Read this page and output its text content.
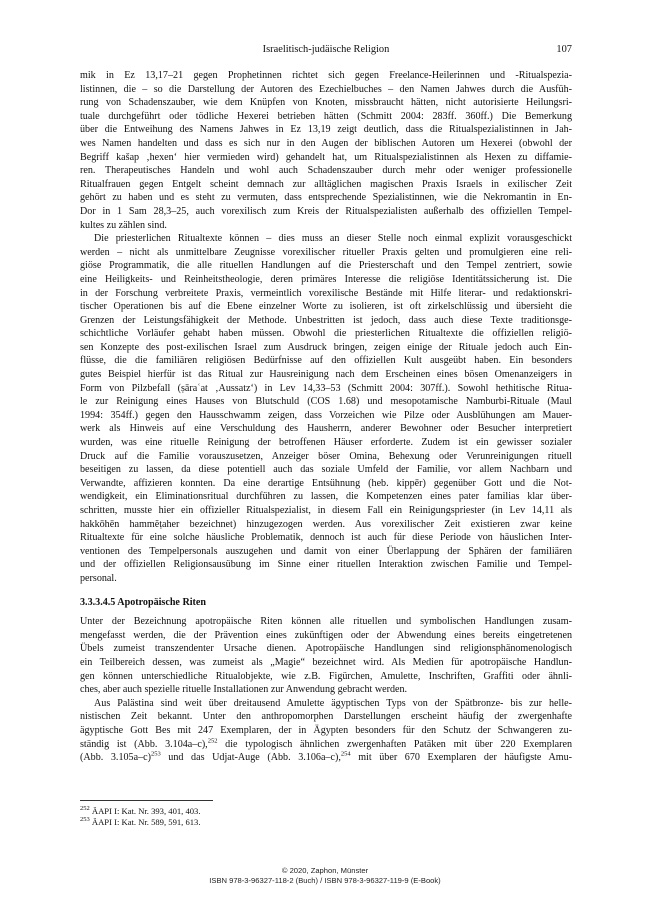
Israelitisch-judäische Religion	107
mik in Ez 13,17–21 gegen Prophetinnen richtet sich gegen Freelance-Heilerinnen und -Ritualspezia-
listinnen, die – so die Darstellung der Autoren des Ezechielbuches – den Namen Jahwes durch die Ausfüh-
rung von Schadenszauber, wie dem Knüpfen von Knoten, missbraucht hätten, nicht autorisierte Heilungsri-
tuale durchgeführt oder tödliche Hexerei betrieben hätten (Schmitt 2004: 283ff. 360ff.) Die Bemerkung
über die Entweihung des Namens Jahwes in Ez 13,19 zeigt deutlich, dass die Ritualspezialistinnen in Jah-
wes Namen handelten und dass es sich nur in den Augen der biblischen Autoren um Hexerei (obwohl der
Begriff kašap ‚hexen‘ hier vermieden wird) gehandelt hat, um Ritualspezialistinnen als Hexen zu diffamie-
ren. Therapeutisches Handeln und wohl auch Schadenszauber durch mehr oder weniger professionelle
Ritualfrauen gegen Entgelt scheint demnach zur alltäglichen magischen Praxis Israels in exilischer Zeit
gehört zu haben und es steht zu vermuten, dass entsprechende Spezialistinnen, wie die Nekromantin in En-
Dor in 1 Sam 28,3–25, auch vorexilisch zum Kreis der Ritualspezialisten außerhalb des offiziellen Tempel-
kultes zu zählen sind.
Die priesterlichen Ritualtexte können – dies muss an dieser Stelle noch einmal explizit vorausgeschickt
werden – nicht als unmittelbare Zeugnisse vorexilischer ritueller Praxis gelten und promulgieren eine reli-
giöse Programmatik, die alle rituellen Handlungen auf die Priesterschaft und den Tempel zentriert, sowie
eine Heiligkeits- und Reinheitstheologie, deren primäres Interesse die religiöse Identitätssicherung ist. Die
in der Forschung verbreitete Praxis, vermeintlich vorexilische Bestände mit Hilfe literar- und redaktionskri-
tischer Operationen bis auf die Ebene einzelner Worte zu isolieren, ist oft zirkelschlüssig und übersieht die
Grenzen der Leistungsfähigkeit der Methode. Unbestritten ist jedoch, dass auch diese Texte traditionsge-
schichtliche Vorläufer gehabt haben müssen. Obwohl die priesterlichen Ritualtexte die offiziellen religiö-
sen Konzepte des post-exilischen Israel zum Ausdruck bringen, zeigen einige der Rituale jedoch auch Ein-
flüsse, die die familiären religiösen Bedürfnisse auf den offiziellen Kult ausgeübt haben. Ein besonders
gutes Beispiel hierfür ist das Ritual zur Hausreinigung nach dem Erscheinen eines bösen Omenanzeigers in
Form von Pilzbefall (ṣāraʿat ‚Aussatz‘) in Lev 14,33–53 (Schmitt 2004: 307ff.). Sowohl hethitische Ritua-
le zur Reinigung eines Hauses von Blutschuld (COS 1.68) und mesopotamische Namburbi-Rituale (Maul
1994: 354ff.) gegen den Hausschwamm zeigen, dass Vorzeichen wie Pilze oder Ausblühungen am Mauer-
werk als Hinweis auf eine Verschuldung des Hausherrn, anderer Bewohner oder Besucher interpretiert
wurden, was eine rituelle Reinigung der betroffenen Häuser erforderte. Zudem ist ein gewisser sozialer
Druck auf die Familie vorauszusetzen, Anzeiger böser Omina, Behexung oder Verunreinigungen rituell
beseitigen zu lassen, da diese potentiell auch das soziale Umfeld der Familie, vor allem Nachbarn und
Verwandte, affizieren konnten. Da eine derartige Entsühnung (heb. kippēr) gegenüber Gott und die Not-
wendigkeit, ein Eliminationsritual durchführen zu lassen, die Kompetenzen eines pater familias klar über-
schritten, musste hier ein offizieller Ritualspezialist, in diesem Fall ein Reinigungspriester (in Lev 14,11 als
hakkōhēn hammĕṭaher bezeichnet) hinzugezogen werden. Aus vorexilischer Zeit existieren zwar keine
Ritualtexte für eine solche häusliche Problematik, dennoch ist auch für diese Periode von häuslichen Inter-
ventionen des Tempelpersonals auszugehen und damit von einer Überlappung der Sphären der familiären
und der offiziellen Religionsausübung im Sinne einer rituellen Interaktion zwischen Familie und Tempel-
personal.
3.3.3.4.5 Apotropäische Riten
Unter der Bezeichnung apotropäische Riten können alle rituellen und symbolischen Handlungen zusam-
mengefasst werden, die der Prävention eines zukünftigen oder der Abwendung eines bereits eingetretenen
Übels zumeist transzendenter Ursache dienen. Apotropäische Handlungen sind religionsphänomenologisch
ein Teilbereich dessen, was zumeist als „Magie“ bezeichnet wird. Als Medien für apotropäische Handlun-
gen können unterschiedliche Ritualobjekte, wie z.B. Figürchen, Amulette, Inschriften, Graffiti oder ähnli-
ches, aber auch spezielle rituelle Installationen zur Anwendung gebracht werden.
Aus Palästina sind weit über dreitausend Amulette ägyptischen Typs von der Spätbronze- bis zur helle-
nistischen Zeit bekannt. Unter den anthropomorphen Darstellungen erscheint häufig der zwergenhafte
ägyptische Gott Bes mit 247 Exemplaren, der in Ägypten besonders für den Schutz der Schwangeren zu-
ständig ist (Abb. 3.104a–c),$^{252}$ die typologisch ähnlichen zwergenhaften Patäken mit über 220 Exemplaren
(Abb. 3.105a–c)$^{253}$ und das Udjat-Auge (Abb. 3.106a–c),$^{254}$ mit über 670 Exemplaren der häufigste Amu-
$^{252}$ ÄAPI I: Kat. Nr. 393, 401, 403.
$^{253}$ ÄAPI I: Kat. Nr. 589, 591, 613.
© 2020, Zaphon, Münster
ISBN 978-3-96327-118-2 (Buch) / ISBN 978-3-96327-119-9 (E-Book)
